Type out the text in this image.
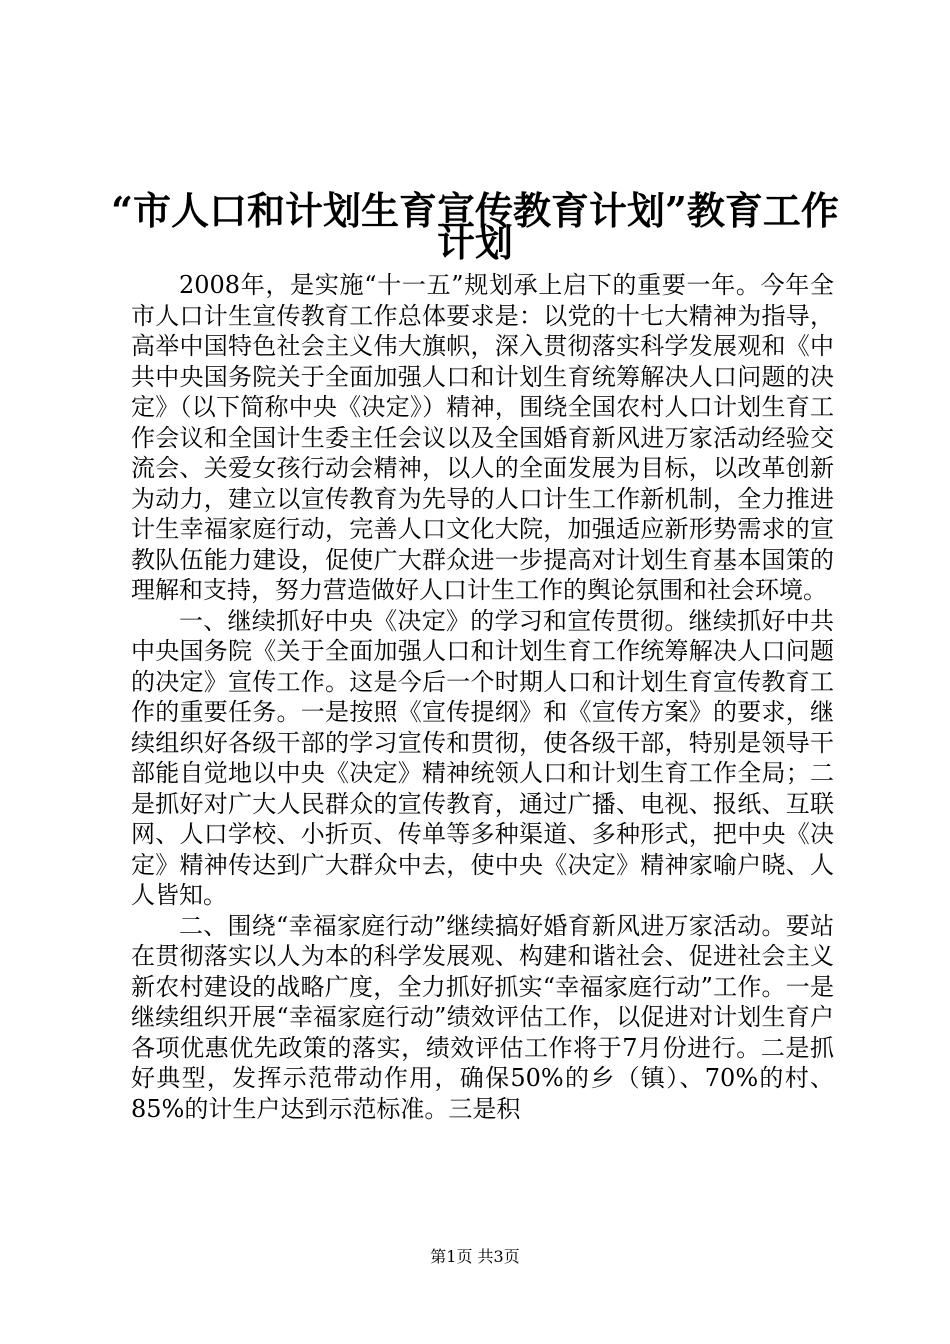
“市人口和计划生育宣传教育计划”教育工作
计划

2008年，是实施“十一五”规划承上启下的重要一年。今年全市人口计生宣传教育工作总体要求是：以党的十七大精神为指导，高举中国特色社会主义伟大旗帜，深入贯彻落实科学发展观和《中共中央国务院关于全面加强人口和计划生育统筹解决人口问题的决定》（以下简称中央《决定》）精神，围绕全国农村人口计划生育工作会议和全国计生委主任会议以及全国婚育新风进万家活动经验交流会、关爱女孩行动会精神，以人的全面发展为目标，以改革创新为动力，建立以宣传教育为先导的人口计生工作新机制，全力推进计生幸福家庭行动，完善人口文化大院，加强适应新形势需求的宣教队伍能力建设，促使广大群众进一步提高对计划生育基本国策的理解和支持，努力营造做好人口计生工作的舆论氛围和社会环境。

一、继续抓好中央《决定》的学习和宣传贯彻。继续抓好中共中央国务院《关于全面加强人口和计划生育工作统筹解决人口问题的决定》宣传工作。这是今后一个时期人口和计划生育宣传教育工作的重要任务。一是按照《宣传提纲》和《宣传方案》的要求，继续组织好各级干部的学习宣传和贯彻，使各级干部，特别是领导干部能自觉地以中央《决定》精神统领人口和计划生育工作全局；二是抓好对广大人民群众的宣传教育，通过广播、电视、报纸、互联网、人口学校、小折页、传单等多种渠道、多种形式，把中央《决定》精神传达到广大群众中去，使中央《决定》精神家喻户晓、人人皆知。

二、围绕“幸福家庭行动”继续搞好婚育新风进万家活动。要站在贯彻落实以人为本的科学发展观、构建和谐社会、促进社会主义新农村建设的战略广度，全力抓好抓实“幸福家庭行动”工作。一是继续组织开展“幸福家庭行动”绩效评估工作，以促进对计划生育户各项优惠优先政策的落实，绩效评估工作将于7月份进行。二是抓好典型，发挥示范带动作用，确保50%的乡（镇）、70%的村、85%的计生户达到示范标准。三是积

第1页 共3页
